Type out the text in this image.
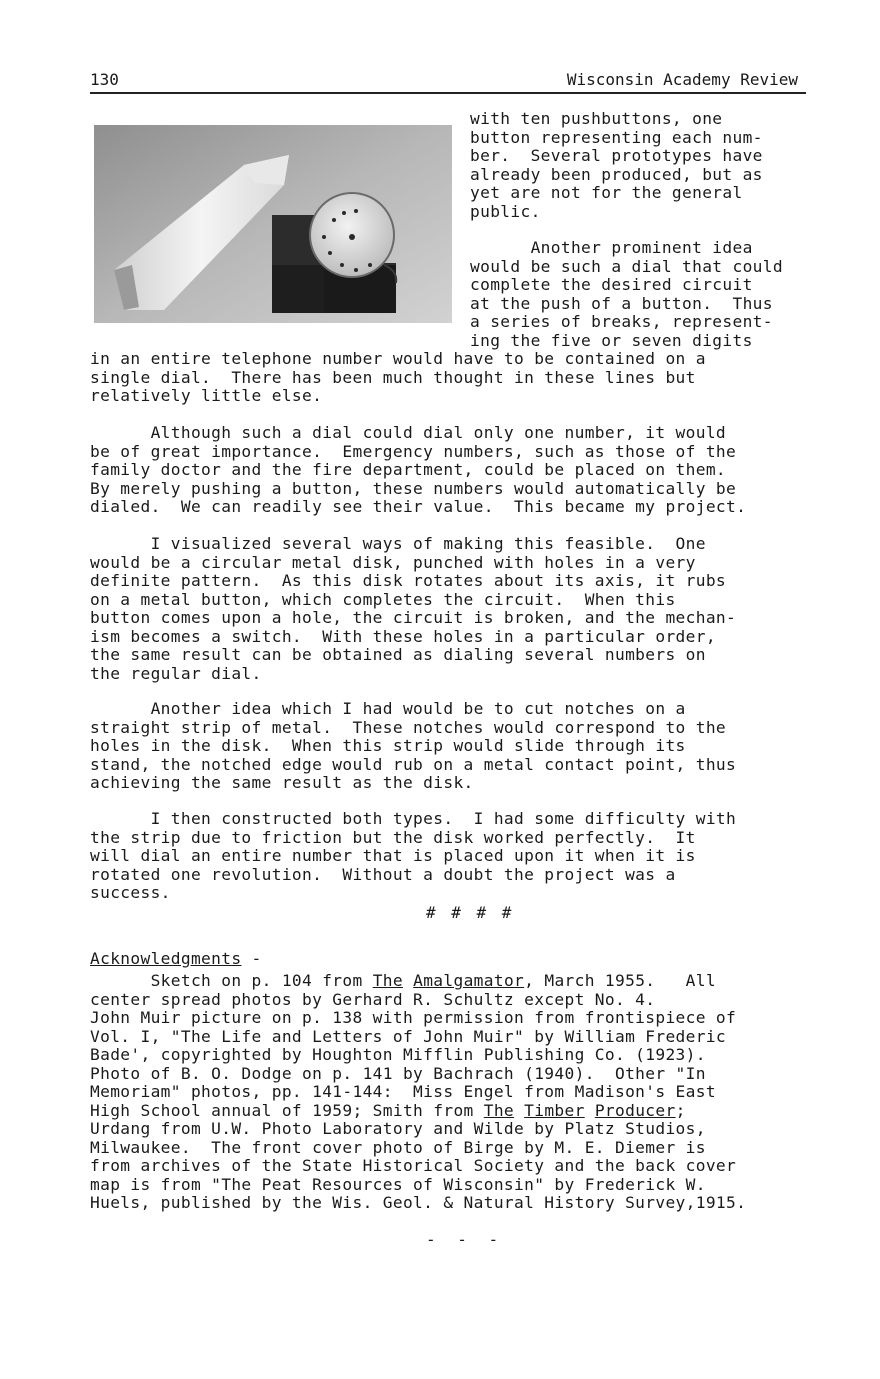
130	Wisconsin Academy Review
with ten pushbuttons, one
button representing each num-
ber.  Several prototypes have
already been produced, but as
yet are not for the general
public.
Another prominent idea
would be such a dial that could
complete the desired circuit
at the push of a button.  Thus
a series of breaks, represent-
ing the five or seven digits
in an entire telephone number would have to be contained on a
single dial.  There has been much thought in these lines but
relatively little else.
Although such a dial could dial only one number, it would
be of great importance.  Emergency numbers, such as those of the
family doctor and the fire department, could be placed on them.
By merely pushing a button, these numbers would automatically be
dialed.  We can readily see their value.  This became my project.
I visualized several ways of making this feasible.  One
would be a circular metal disk, punched with holes in a very
definite pattern.  As this disk rotates about its axis, it rubs
on a metal button, which completes the circuit.  When this
button comes upon a hole, the circuit is broken, and the mechan-
ism becomes a switch.  With these holes in a particular order,
the same result can be obtained as dialing several numbers on
the regular dial.
Another idea which I had would be to cut notches on a
straight strip of metal.  These notches would correspond to the
holes in the disk.  When this strip would slide through its
stand, the notched edge would rub on a metal contact point, thus
achieving the same result as the disk.
I then constructed both types.  I had some difficulty with
the strip due to friction but the disk worked perfectly.  It
will dial an entire number that is placed upon it when it is
rotated one revolution.  Without a doubt the project was a
success.
# # # #
Acknowledgments -
Sketch on p. 104 from The Amalgamator, March 1955.   All
center spread photos by Gerhard R. Schultz except No. 4.
John Muir picture on p. 138 with permission from frontispiece of
Vol. I, "The Life and Letters of John Muir" by William Frederic
Bade', copyrighted by Houghton Mifflin Publishing Co. (1923).
Photo of B. O. Dodge on p. 141 by Bachrach (1940).  Other "In
Memoriam" photos, pp. 141-144:  Miss Engel from Madison's East
High School annual of 1959; Smith from The Timber Producer;
Urdang from U.W. Photo Laboratory and Wilde by Platz Studios,
Milwaukee.  The front cover photo of Birge by M. E. Diemer is
from archives of the State Historical Society and the back cover
map is from "The Peat Resources of Wisconsin" by Frederick W.
Huels, published by the Wis. Geol. & Natural History Survey,1915.
- - -
